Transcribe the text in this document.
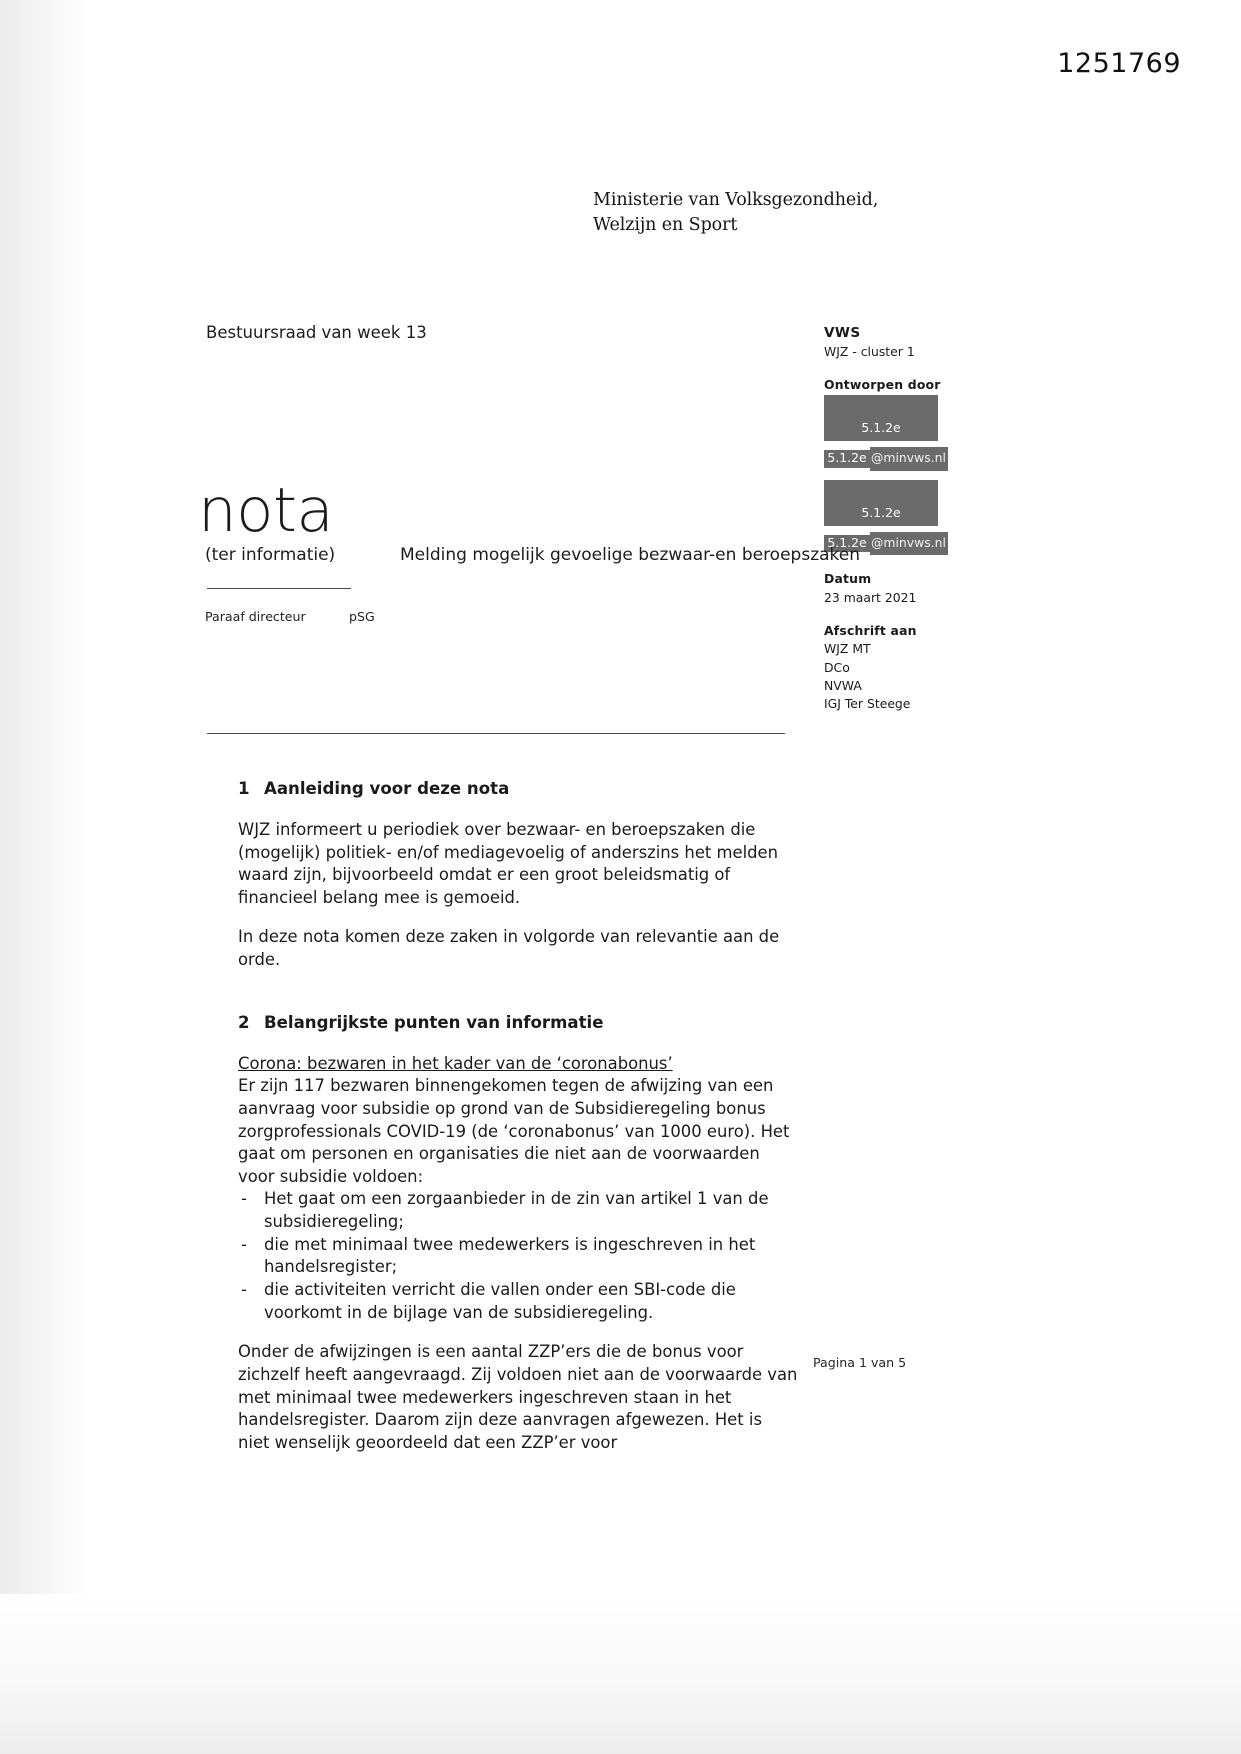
1251769
Ministerie van Volksgezondheid,
Welzijn en Sport
Bestuursraad van week 13	VWS
WJZ - cluster 1
Ontworpen door
5.1.2e
5.1.2e @minvws.nl
5.1.2e
5.1.2e @minvws.nl
Datum
23 maart 2021
Afschrift aan
WJZ MT
DCo
NVWA
IGJ Ter Steege
nota
(ter informatie)	Melding mogelijk gevoelige bezwaar-en beroepszaken
Paraaf directeur	pSG
1 Aanleiding voor deze nota

WJZ informeert u periodiek over bezwaar- en beroepszaken die (mogelijk) politiek- en/of mediagevoelig of anderszins het melden waard zijn, bijvoorbeeld omdat er een groot beleidsmatig of financieel belang mee is gemoeid.

In deze nota komen deze zaken in volgorde van relevantie aan de orde.

2 Belangrijkste punten van informatie

Corona: bezwaren in het kader van de ‘coronabonus’

Er zijn 117 bezwaren binnengekomen tegen de afwijzing van een aanvraag voor subsidie op grond van de Subsidieregeling bonus zorgprofessionals COVID-19 (de ‘coronabonus’ van 1000 euro). Het gaat om personen en organisaties die niet aan de voorwaarden voor subsidie voldoen:

- Het gaat om een zorgaanbieder in de zin van artikel 1 van de subsidieregeling;
- die met minimaal twee medewerkers is ingeschreven in het handelsregister;
- die activiteiten verricht die vallen onder een SBI-code die voorkomt in de bijlage van de subsidieregeling.

Onder de afwijzingen is een aantal ZZP’ers die de bonus voor zichzelf heeft aangevraagd. Zij voldoen niet aan de voorwaarde van met minimaal twee medewerkers ingeschreven staan in het handelsregister. Daarom zijn deze aanvragen afgewezen. Het is niet wenselijk geoordeeld dat een ZZP’er voor

Pagina 1 van 5
